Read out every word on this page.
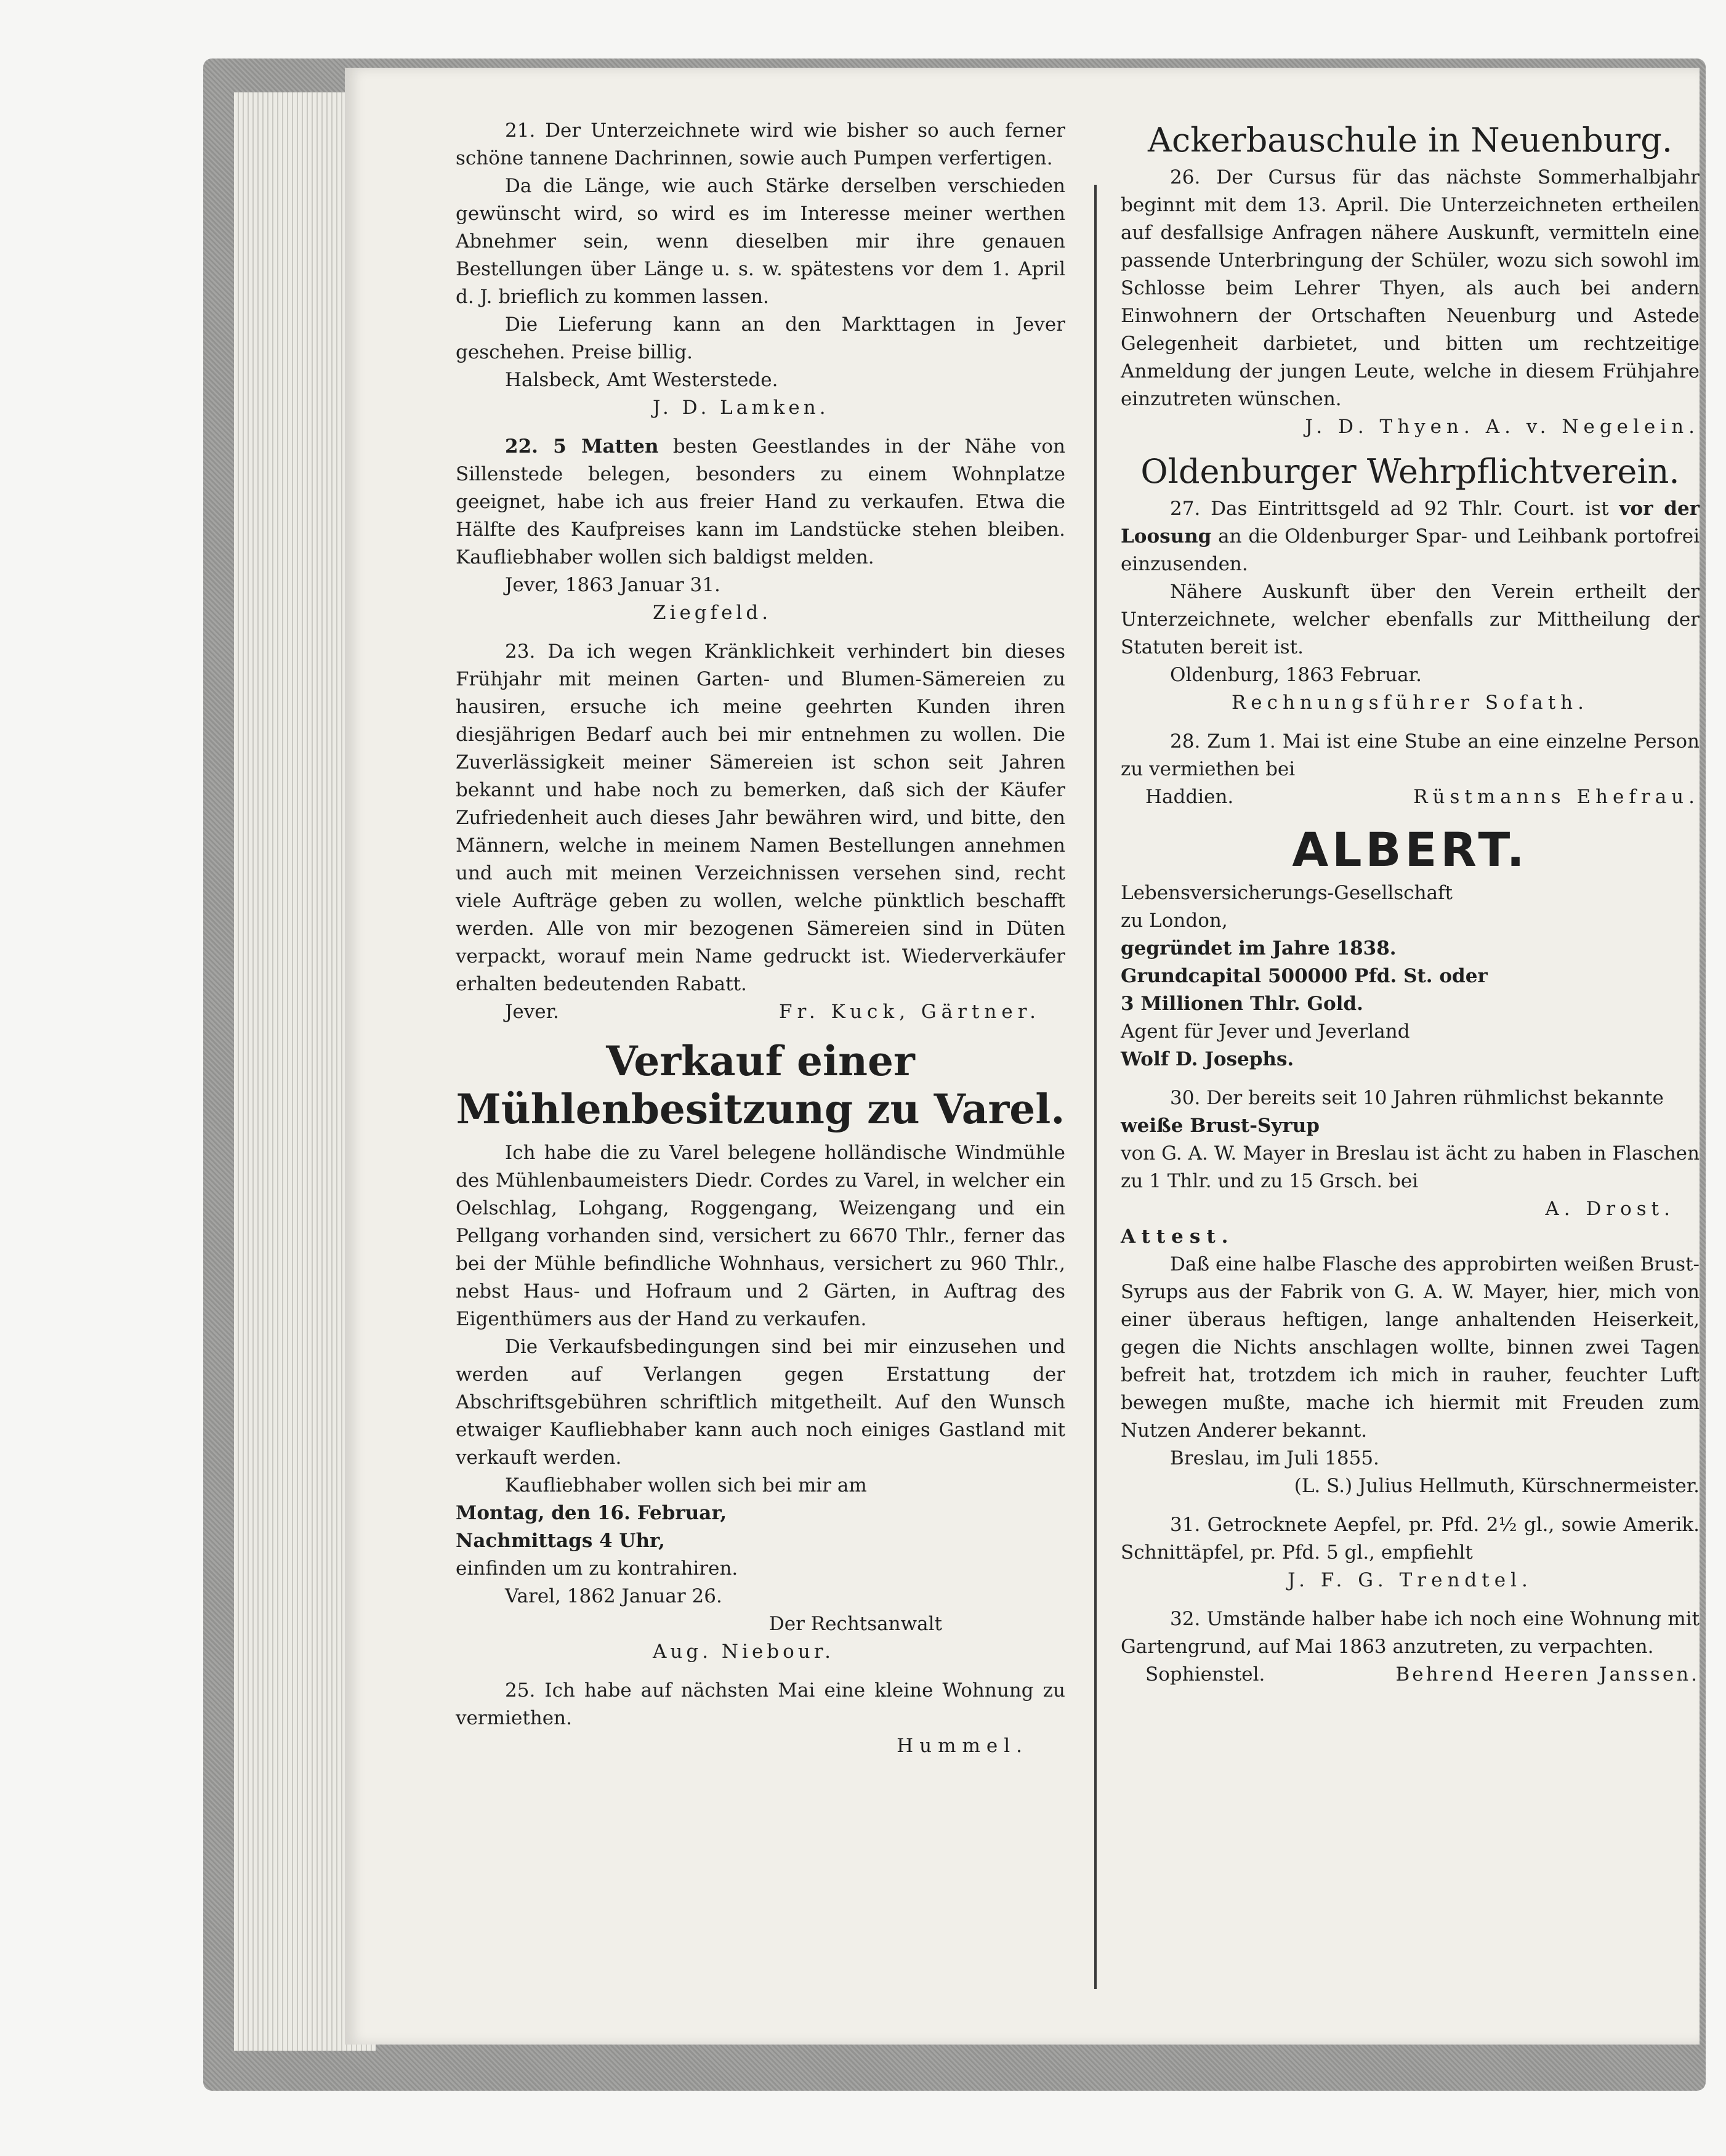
21. Der Unterzeichnete wird wie bisher so auch ferner schöne tannene Dachrinnen, sowie auch Pumpen verfertigen.

Da die Länge, wie auch Stärke derselben verschieden gewünscht wird, so wird es im Interesse meiner werthen Abnehmer sein, wenn dieselben mir ihre genauen Bestellungen über Länge u. s. w. spätestens vor dem 1. April d. J. brieflich zu kommen lassen.

Die Lieferung kann an den Markttagen in Jever geschehen. Preise billig.

Halsbeck, Amt Westerstede.

J. D. Lamken.

22. 5 Matten besten Geestlandes in der Nähe von Sillenstede belegen, besonders zu einem Wohnplatze geeignet, habe ich aus freier Hand zu verkaufen. Etwa die Hälfte des Kaufpreises kann im Landstücke stehen bleiben. Kaufliebhaber wollen sich baldigst melden.

Jever, 1863 Januar 31.

Ziegfeld.

23. Da ich wegen Kränklichkeit verhindert bin dieses Frühjahr mit meinen Garten- und Blumen-Sämereien zu hausiren, ersuche ich meine geehrten Kunden ihren diesjährigen Bedarf auch bei mir entnehmen zu wollen. Die Zuverlässigkeit meiner Sämereien ist schon seit Jahren bekannt und habe noch zu bemerken, daß sich der Käufer Zufriedenheit auch dieses Jahr bewähren wird, und bitte, den Männern, welche in meinem Namen Bestellungen annehmen und auch mit meinen Verzeichnissen versehen sind, recht viele Aufträge geben zu wollen, welche pünktlich beschafft werden. Alle von mir bezogenen Sämereien sind in Düten verpackt, worauf mein Name gedruckt ist. Wiederverkäufer erhalten bedeutenden Rabatt.

Jever.	Fr. Kuck, Gärtner.

Verkauf einer Mühlenbesitzung zu Varel.

Ich habe die zu Varel belegene holländische Windmühle des Mühlenbaumeisters Diedr. Cordes zu Varel, in welcher ein Oelschlag, Lohgang, Roggengang, Weizengang und ein Pellgang vorhanden sind, versichert zu 6670 Thlr., ferner das bei der Mühle befindliche Wohnhaus, versichert zu 960 Thlr., nebst Haus- und Hofraum und 2 Gärten, in Auftrag des Eigenthümers aus der Hand zu verkaufen.

Die Verkaufsbedingungen sind bei mir einzusehen und werden auf Verlangen gegen Erstattung der Abschriftsgebühren schriftlich mitgetheilt. Auf den Wunsch etwaiger Kaufliebhaber kann auch noch einiges Gastland mit verkauft werden.

Kaufliebhaber wollen sich bei mir am

Montag, den 16. Februar,

Nachmittags 4 Uhr,

einfinden um zu kontrahiren.

Varel, 1862 Januar 26.

Der Rechtsanwalt

Aug. Niebour.

25. Ich habe auf nächsten Mai eine kleine Wohnung zu vermiethen.

Hummel.

Ackerbauschule in Neuenburg.

26. Der Cursus für das nächste Sommerhalbjahr beginnt mit dem 13. April. Die Unterzeichneten ertheilen auf desfallsige Anfragen nähere Auskunft, vermitteln eine passende Unterbringung der Schüler, wozu sich sowohl im Schlosse beim Lehrer Thyen, als auch bei andern Einwohnern der Ortschaften Neuenburg und Astede Gelegenheit darbietet, und bitten um rechtzeitige Anmeldung der jungen Leute, welche in diesem Frühjahre einzutreten wünschen.

J. D. Thyen. A. v. Negelein.

Oldenburger Wehrpflichtverein.

27. Das Eintrittsgeld ad 92 Thlr. Court. ist vor der Loosung an die Oldenburger Spar- und Leihbank portofrei einzusenden.

Nähere Auskunft über den Verein ertheilt der Unterzeichnete, welcher ebenfalls zur Mittheilung der Statuten bereit ist.

Oldenburg, 1863 Februar.

Rechnungsführer Sofath.

28. Zum 1. Mai ist eine Stube an eine einzelne Person zu vermiethen bei

Haddien.	Rüstmanns Ehefrau.

ALBERT.

Lebensversicherungs-Gesellschaft

zu London,

gegründet im Jahre 1838.

Grundcapital 500000 Pfd. St. oder

3 Millionen Thlr. Gold.

Agent für Jever und Jeverland

Wolf D. Josephs.

30. Der bereits seit 10 Jahren rühmlichst bekannte

weiße Brust-Syrup

von G. A. W. Mayer in Breslau ist ächt zu haben in Flaschen zu 1 Thlr. und zu 15 Grsch. bei

A. Drost.

Attest.

Daß eine halbe Flasche des approbirten weißen Brust-Syrups aus der Fabrik von G. A. W. Mayer, hier, mich von einer überaus heftigen, lange anhaltenden Heiserkeit, gegen die Nichts anschlagen wollte, binnen zwei Tagen befreit hat, trotzdem ich mich in rauher, feuchter Luft bewegen mußte, mache ich hiermit mit Freuden zum Nutzen Anderer bekannt.

Breslau, im Juli 1855.

(L. S.) Julius Hellmuth, Kürschnermeister.

31. Getrocknete Aepfel, pr. Pfd. 2½ gl., sowie Amerik. Schnittäpfel, pr. Pfd. 5 gl., empfiehlt

J. F. G. Trendtel.

32. Umstände halber habe ich noch eine Wohnung mit Gartengrund, auf Mai 1863 anzutreten, zu verpachten.

Sophienstel.	Behrend Heeren Janssen.
